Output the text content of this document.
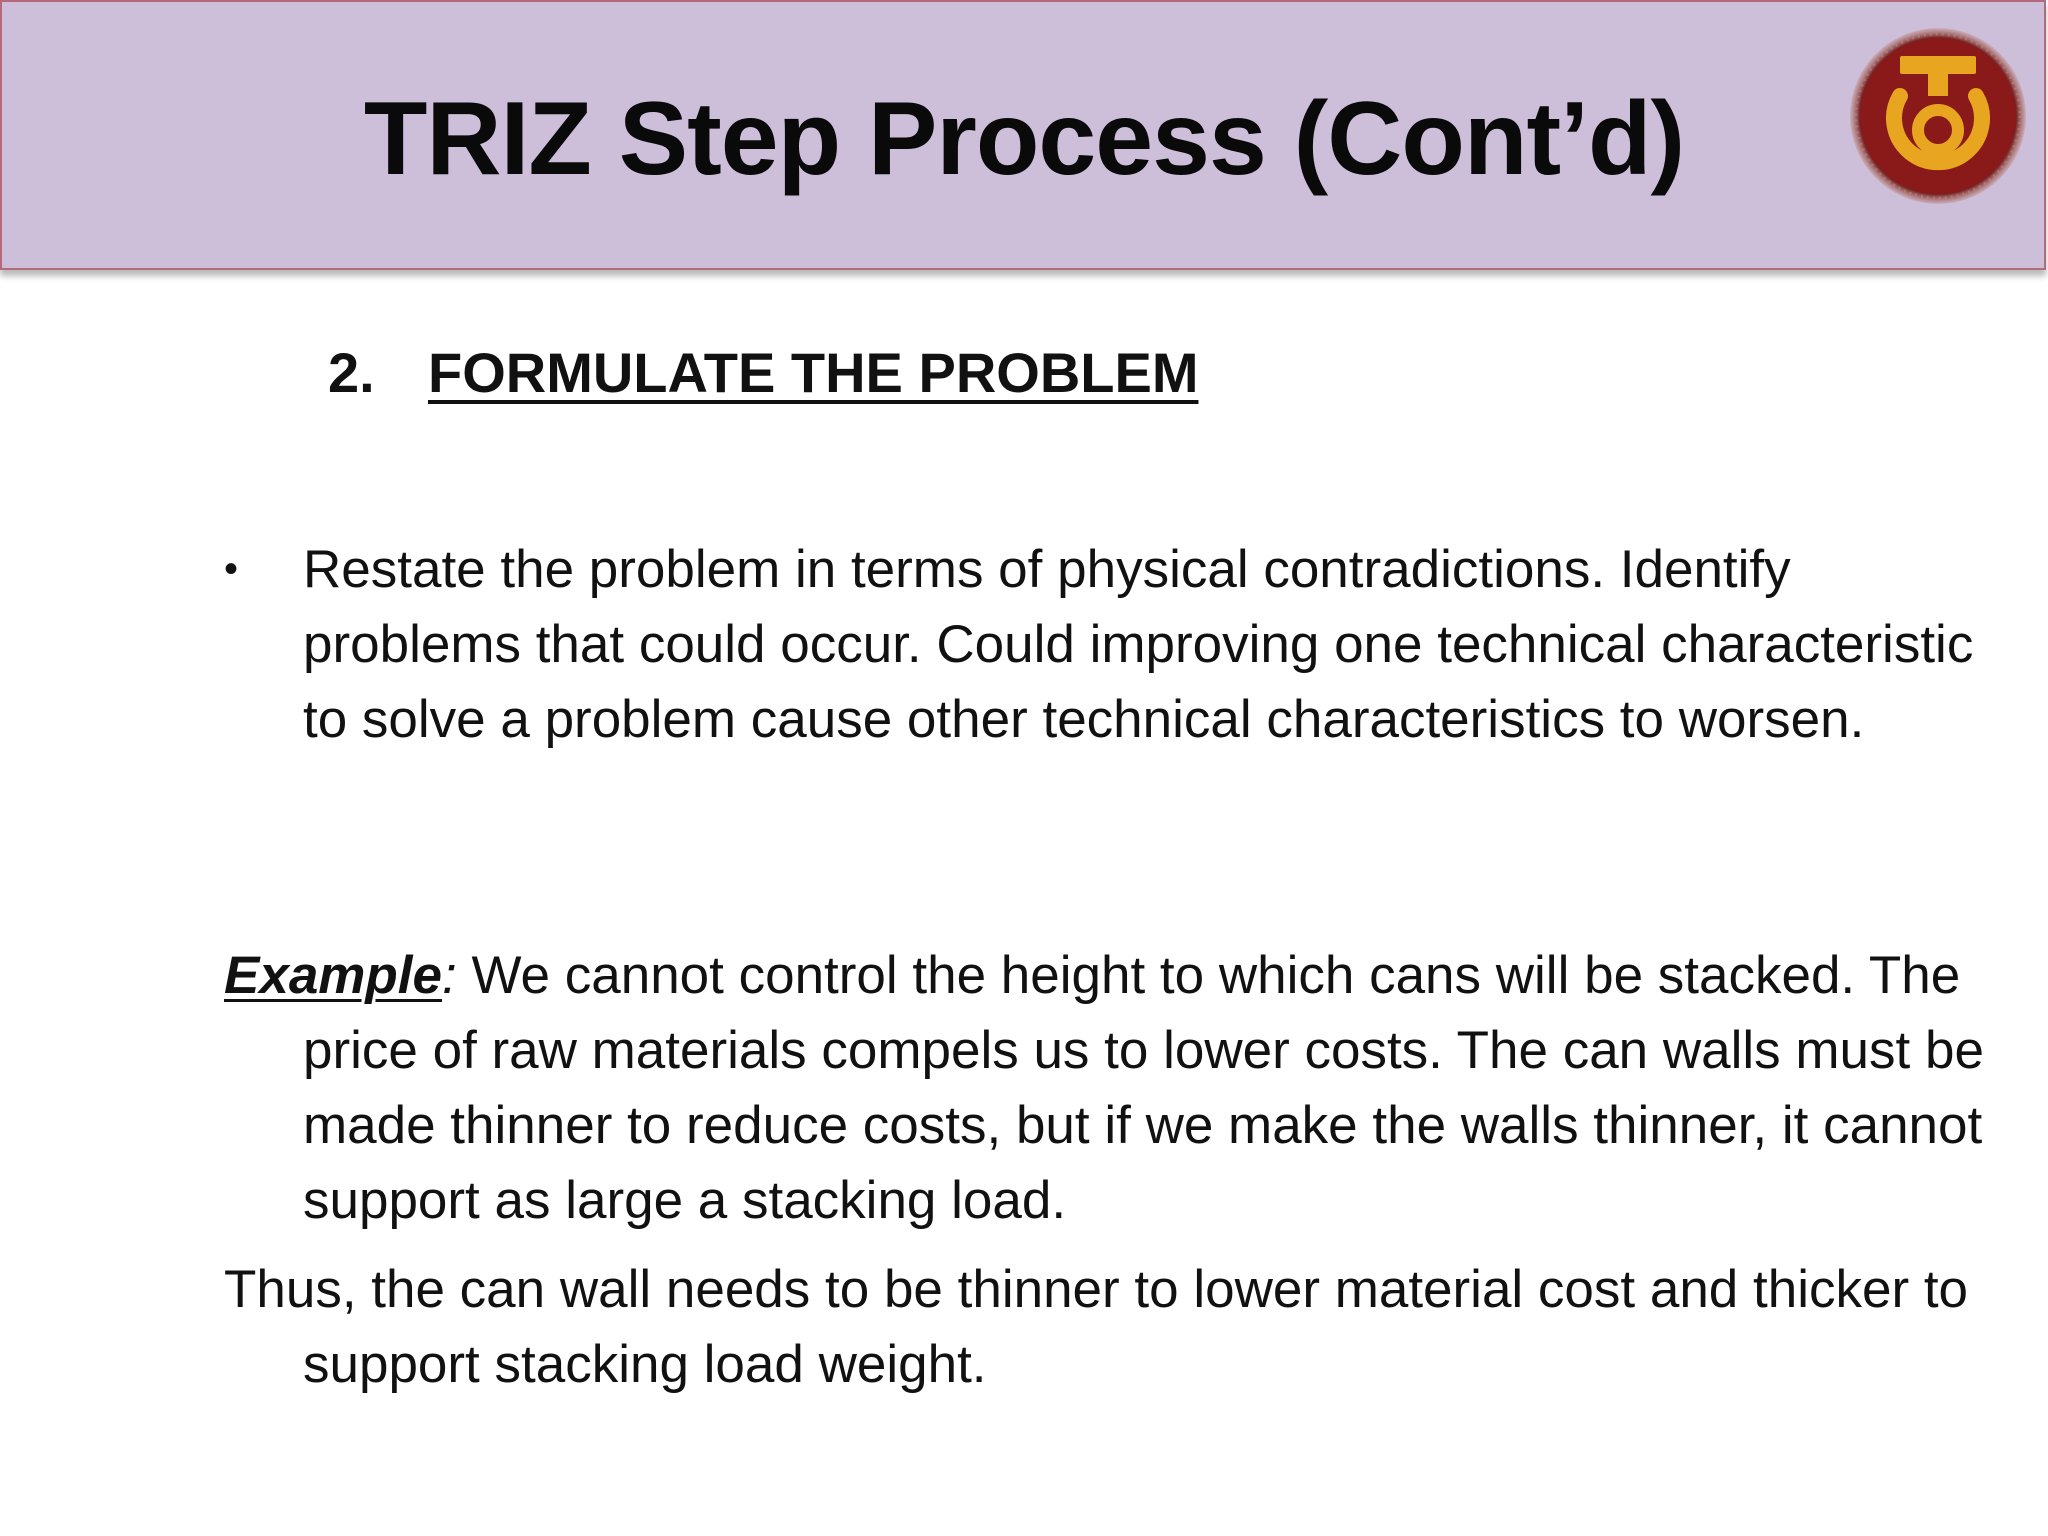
TRIZ Step Process (Cont’d)
2. FORMULATE THE PROBLEM
•	Restate the problem in terms of physical contradictions. Identify problems that could occur. Could improving one technical characteristic to solve a problem cause other technical characteristics to worsen.
Example: We cannot control the height to which cans will be stacked. The price of raw materials compels us to lower costs. The can walls must be made thinner to reduce costs, but if we make the walls thinner, it cannot support as large a stacking load.
Thus, the can wall needs to be thinner to lower material cost and thicker to support stacking load weight.
